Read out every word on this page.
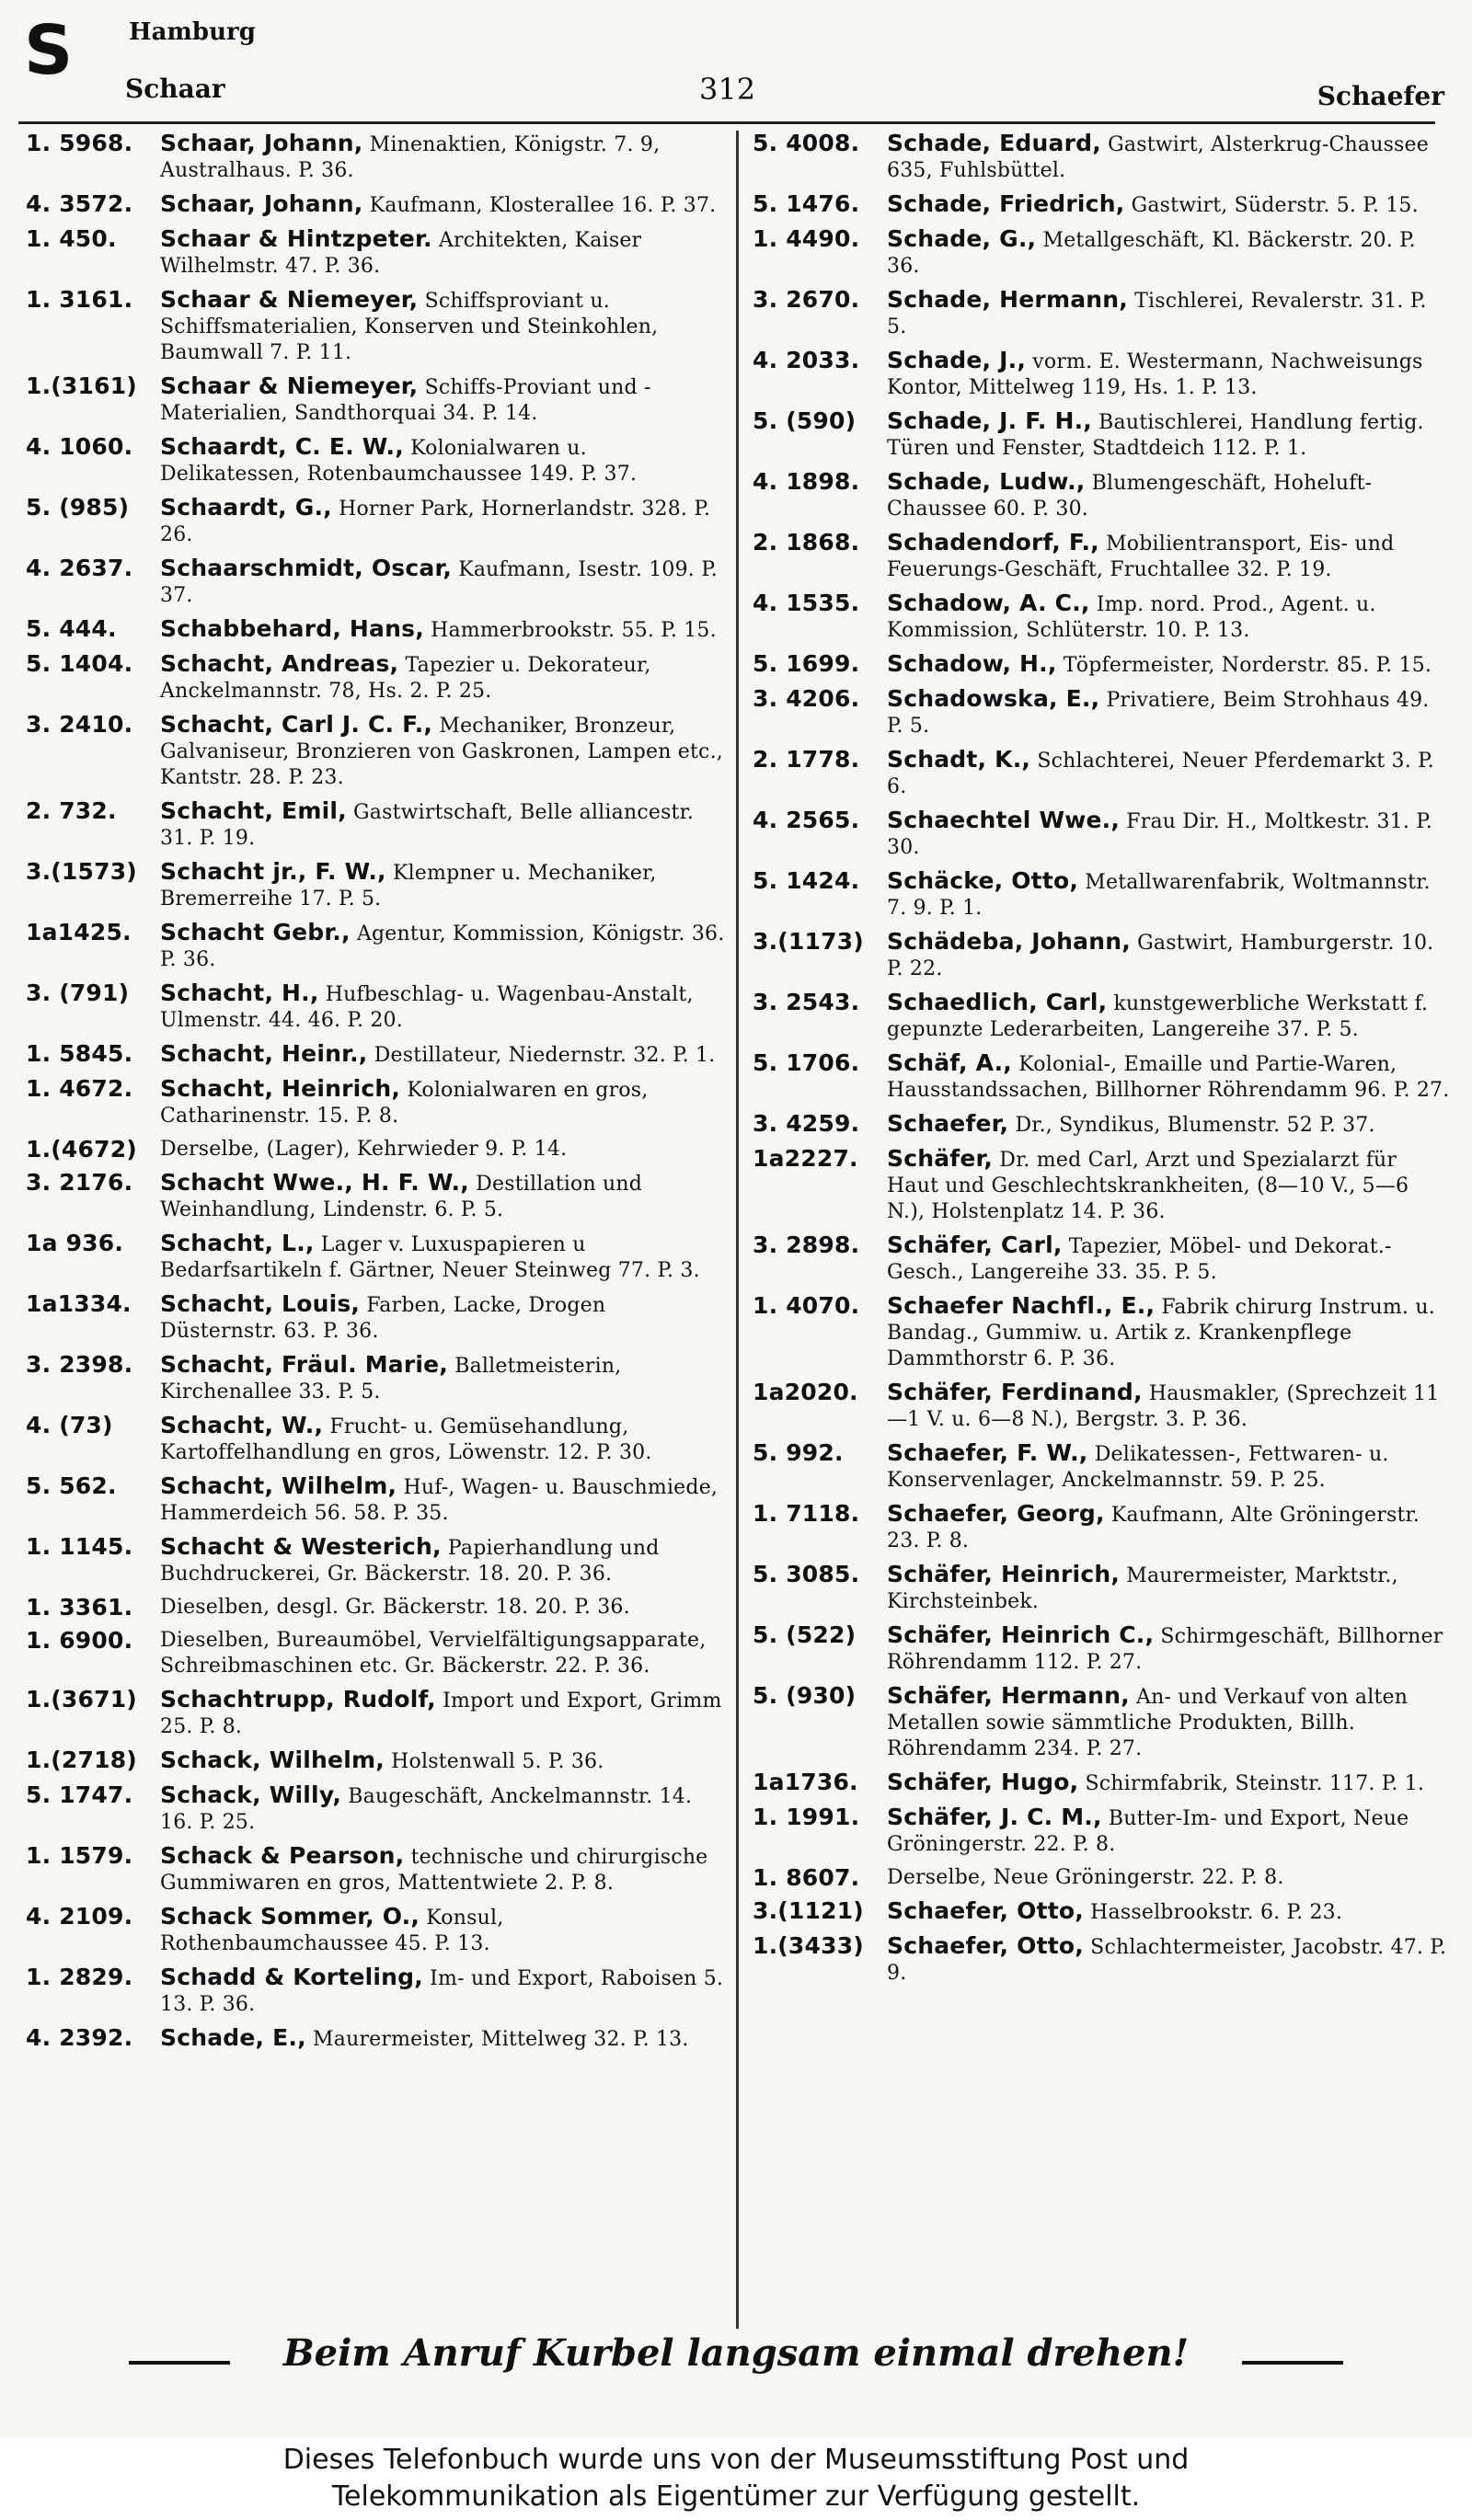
S Hamburg
Schaar	312	Schaefer
1. 5968. Schaar, Johann, Minenaktien, Königstr. 7. 9, Australhaus. P. 36.
4. 3572. Schaar, Johann, Kaufmann, Klosterallee 16. P. 37.
1. 450. Schaar & Hintzpeter. Architekten, Kaiser Wilhelmstr. 47. P. 36.
1. 3161. Schaar & Niemeyer, Schiffsproviant u. Schiffsmaterialien, Konserven und Steinkohlen, Baumwall 7. P. 11.
1.(3161) Schaar & Niemeyer, Schiffs-Proviant und -Materialien, Sandthorquai 34. P. 14.
4. 1060. Schaardt, C. E. W., Kolonialwaren u. Delikatessen, Rotenbaumchaussee 149. P. 37.
5. (985) Schaardt, G., Horner Park, Hornerlandstr. 328. P. 26.
4. 2637. Schaarschmidt, Oscar, Kaufmann, Isestr. 109. P. 37.
5. 444. Schabbehard, Hans, Hammerbrookstr. 55. P. 15.
5. 1404. Schacht, Andreas, Tapezier u. Dekorateur, Anckelmannstr. 78, Hs. 2. P. 25.
3. 2410. Schacht, Carl J. C. F., Mechaniker, Bronzeur, Galvaniseur, Bronzieren von Gaskronen, Lampen etc., Kantstr. 28. P. 23.
2. 732. Schacht, Emil, Gastwirtschaft, Belle alliancestr. 31. P. 19.
3.(1573) Schacht jr., F. W., Klempner u. Mechaniker, Bremerreihe 17. P. 5.
1a1425. Schacht Gebr., Agentur, Kommission, Königstr. 36. P. 36.
3. (791) Schacht, H., Hufbeschlag- u. Wagenbau-Anstalt, Ulmenstr. 44. 46. P. 20.
1. 5845. Schacht, Heinr., Destillateur, Niedernstr. 32. P. 1.
1. 4672. Schacht, Heinrich, Kolonialwaren en gros, Catharinenstr. 15. P. 8.
1.(4672) Derselbe, (Lager), Kehrwieder 9. P. 14.
3. 2176. Schacht Wwe., H. F. W., Destillation und Weinhandlung, Lindenstr. 6. P. 5.
1a 936. Schacht, L., Lager v. Luxuspapieren u Bedarfsartikeln f. Gärtner, Neuer Steinweg 77. P. 3.
1a1334. Schacht, Louis, Farben, Lacke, Drogen Düsternstr. 63. P. 36.
3. 2398. Schacht, Fräul. Marie, Balletmeisterin, Kirchenallee 33. P. 5.
4. (73) Schacht, W., Frucht- u. Gemüsehandlung, Kartoffelhandlung en gros, Löwenstr. 12. P. 30.
5. 562. Schacht, Wilhelm, Huf-, Wagen- u. Bauschmiede, Hammerdeich 56. 58. P. 35.
1. 1145. Schacht & Westerich, Papierhandlung und Buchdruckerei, Gr. Bäckerstr. 18. 20. P. 36.
1. 3361. Dieselben, desgl. Gr. Bäckerstr. 18. 20. P. 36.
1. 6900. Dieselben, Bureaumöbel, Vervielfältigungsapparate, Schreibmaschinen etc. Gr. Bäckerstr. 22. P. 36.
1.(3671) Schachtrupp, Rudolf, Import und Export, Grimm 25. P. 8.
1.(2718) Schack, Wilhelm, Holstenwall 5. P. 36.
5. 1747. Schack, Willy, Baugeschäft, Anckelmannstr. 14. 16. P. 25.
1. 1579. Schack & Pearson, technische und chirurgische Gummiwaren en gros, Mattentwiete 2. P. 8.
4. 2109. Schack Sommer, O., Konsul, Rothenbaumchaussee 45. P. 13.
1. 2829. Schadd & Korteling, Im- und Export, Raboisen 5. 13. P. 36.
4. 2392. Schade, E., Maurermeister, Mittelweg 32. P. 13.
5. 4008. Schade, Eduard, Gastwirt, Alsterkrug-Chaussee 635, Fuhlsbüttel.
5. 1476. Schade, Friedrich, Gastwirt, Süderstr. 5. P. 15.
1. 4490. Schade, G., Metallgeschäft, Kl. Bäckerstr. 20. P. 36.
3. 2670. Schade, Hermann, Tischlerei, Revalerstr. 31. P. 5.
4. 2033. Schade, J., vorm. E. Westermann, Nachweisungs Kontor, Mittelweg 119, Hs. 1. P. 13.
5. (590) Schade, J. F. H., Bautischlerei, Handlung fertig. Türen und Fenster, Stadtdeich 112. P. 1.
4. 1898. Schade, Ludw., Blumengeschäft, Hoheluft-Chaussee 60. P. 30.
2. 1868. Schadendorf, F., Mobilientransport, Eis- und Feuerungs-Geschäft, Fruchtallee 32. P. 19.
4. 1535. Schadow, A. C., Imp. nord. Prod., Agent. u. Kommission, Schlüterstr. 10. P. 13.
5. 1699. Schadow, H., Töpfermeister, Norderstr. 85. P. 15.
3. 4206. Schadowska, E., Privatiere, Beim Strohhaus 49. P. 5.
2. 1778. Schadt, K., Schlachterei, Neuer Pferdemarkt 3. P. 6.
4. 2565. Schaechtel Wwe., Frau Dir. H., Moltkestr. 31. P. 30.
5. 1424. Schäcke, Otto, Metallwarenfabrik, Woltmannstr. 7. 9. P. 1.
3.(1173) Schädeba, Johann, Gastwirt, Hamburgerstr. 10. P. 22.
3. 2543. Schaedlich, Carl, kunstgewerbliche Werkstatt f. gepunzte Lederarbeiten, Langereihe 37. P. 5.
5. 1706. Schäf, A., Kolonial-, Emaille und Partie-Waren, Hausstandssachen, Billhorner Röhrendamm 96. P. 27.
3. 4259. Schaefer, Dr., Syndikus, Blumenstr. 52 P. 37.
1a2227. Schäfer, Dr. med Carl, Arzt und Spezialarzt für Haut und Geschlechtskrankheiten, (8—10 V., 5—6 N.), Holstenplatz 14. P. 36.
3. 2898. Schäfer, Carl, Tapezier, Möbel- und Dekorat.-Gesch., Langereihe 33. 35. P. 5.
1. 4070. Schaefer Nachfl., E., Fabrik chirurg Instrum. u. Bandag., Gummiw. u. Artik z. Krankenpflege Dammthorstr 6. P. 36.
1a2020. Schäfer, Ferdinand, Hausmakler, (Sprechzeit 11—1 V. u. 6—8 N.), Bergstr. 3. P. 36.
5. 992. Schaefer, F. W., Delikatessen-, Fettwaren- u. Konservenlager, Anckelmannstr. 59. P. 25.
1. 7118. Schaefer, Georg, Kaufmann, Alte Gröningerstr. 23. P. 8.
5. 3085. Schäfer, Heinrich, Maurermeister, Marktstr., Kirchsteinbek.
5. (522) Schäfer, Heinrich C., Schirmgeschäft, Billhorner Röhrendamm 112. P. 27.
5. (930) Schäfer, Hermann, An- und Verkauf von alten Metallen sowie sämmtliche Produkten, Billh. Röhrendamm 234. P. 27.
1a1736. Schäfer, Hugo, Schirmfabrik, Steinstr. 117. P. 1.
1. 1991. Schäfer, J. C. M., Butter-Im- und Export, Neue Gröningerstr. 22. P. 8.
1. 8607. Derselbe, Neue Gröningerstr. 22. P. 8.
3.(1121) Schaefer, Otto, Hasselbrookstr. 6. P. 23.
1.(3433) Schaefer, Otto, Schlachtermeister, Jacobstr. 47. P. 9.
Beim Anruf Kurbel langsam einmal drehen!
Dieses Telefonbuch wurde uns von der Museumsstiftung Post und
Telekommunikation als Eigentümer zur Verfügung gestellt.
